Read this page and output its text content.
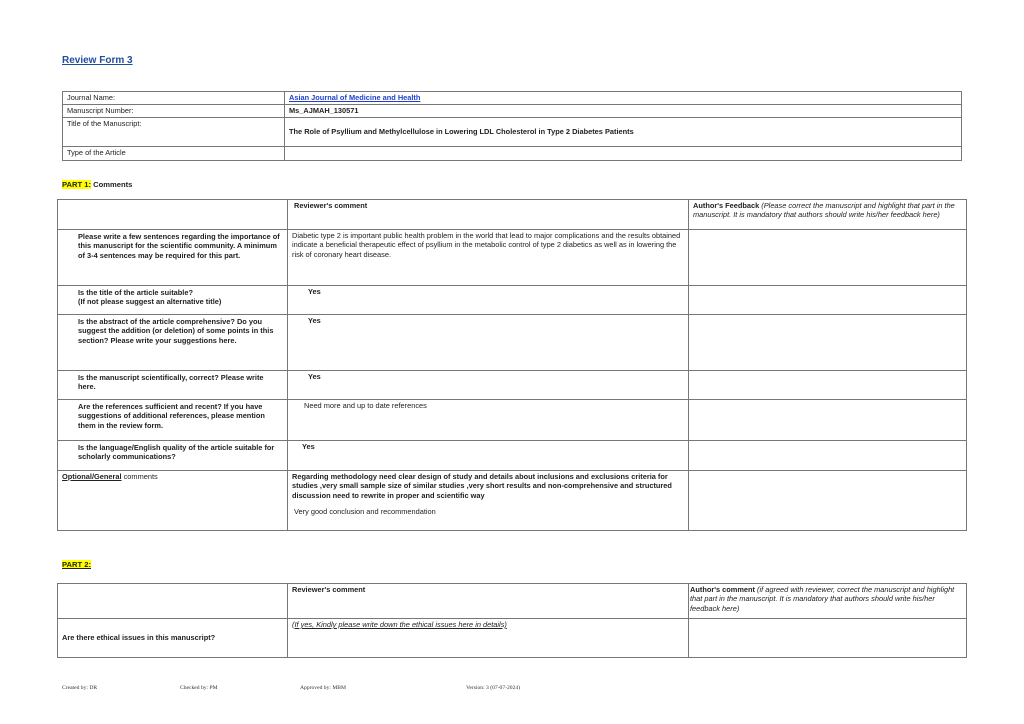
Review Form 3
Journal Name:	Asian Journal of Medicine and Health
Manuscript Number:	Ms_AJMAH_130571
Title of the Manuscript:	The Role of Psyllium and Methylcellulose in Lowering LDL Cholesterol in Type 2 Diabetes Patients
Type of the Article	
PART 1: Comments
	Reviewer's comment	Author's Feedback (Please correct the manuscript and highlight that part in the manuscript. It is mandatory that authors should write his/her feedback here)
Please write a few sentences regarding the importance of this manuscript for the scientific community. A minimum of 3-4 sentences may be required for this part.	Diabetic type 2 is important public health problem in the world that lead to major complications and the results obtained indicate a beneficial therapeutic effect of psyllium in the metabolic control of type 2 diabetics as well as in lowering the risk of coronary heart disease.	
Is the title of the article suitable?
(If not please suggest an alternative title)	Yes	
Is the abstract of the article comprehensive? Do you suggest the addition (or deletion) of some points in this section? Please write your suggestions here.	Yes	
Is the manuscript scientifically, correct? Please write here.	Yes	
Are the references sufficient and recent? If you have suggestions of additional references, please mention them in the review form.	Need more and up to date references	
Is the language/English quality of the article suitable for scholarly communications?	Yes	
Optional/General comments	Regarding methodology need clear design of study and details about inclusions and exclusions criteria for studies ,very small sample size of similar studies ,very short results and non-comprehensive and structured discussion need to rewrite in proper and scientific way
Very good conclusion and recommendation	

PART 2:
	Reviewer's comment	Author's comment (if agreed with reviewer, correct the manuscript and highlight that part in the manuscript. It is mandatory that authors should write his/her feedback here)
Are there ethical issues in this manuscript?	(If yes, Kindly please write down the ethical issues here in details)	
Created by: DR	Checked by: PM	Approved by: MBM	Version: 3 (07-07-2024)
